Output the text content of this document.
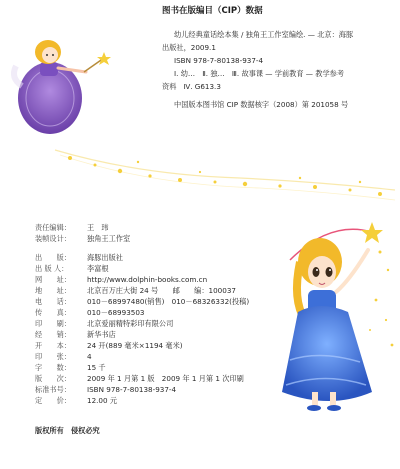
图书在版编目（CIP）数据
幼儿经典童话绘本集 / 独角王工作室编绘. — 北京：海豚
出版社，2009.1
ISBN 978-7-80138-937-4
Ⅰ. 幼…　Ⅱ. 独…　Ⅲ. 故事课 — 学前教育 — 教学参考
资料　Ⅳ. G613.3
中国版本图书馆 CIP 数据核字（2008）第 201058 号
责任编辑： 王　玮
装帧设计： 独角王工作室
出　　版： 海豚出版社
出 版 人：	李富根
网　　址： http://www.dolphin-books.com.cn
地　　址： 北京百万庄大街 24 号　　邮　　编：100037
电　　话： 010－68997480(销售)　010－68326332(投稿)
传　　真： 010－68993503
印　　刷： 北京爱丽精特彩印有限公司
经　　销： 新华书店
开　　本： 24 开(889 毫米×1194 毫米)
印　　张： 4
字　　数： 15 千
版　　次： 2009 年 1 月第 1 版　2009 年 1 月第 1 次印刷
标准书号： ISBN 978-7-80138-937-4
定　　价： 12.00 元
版权所有　侵权必究
